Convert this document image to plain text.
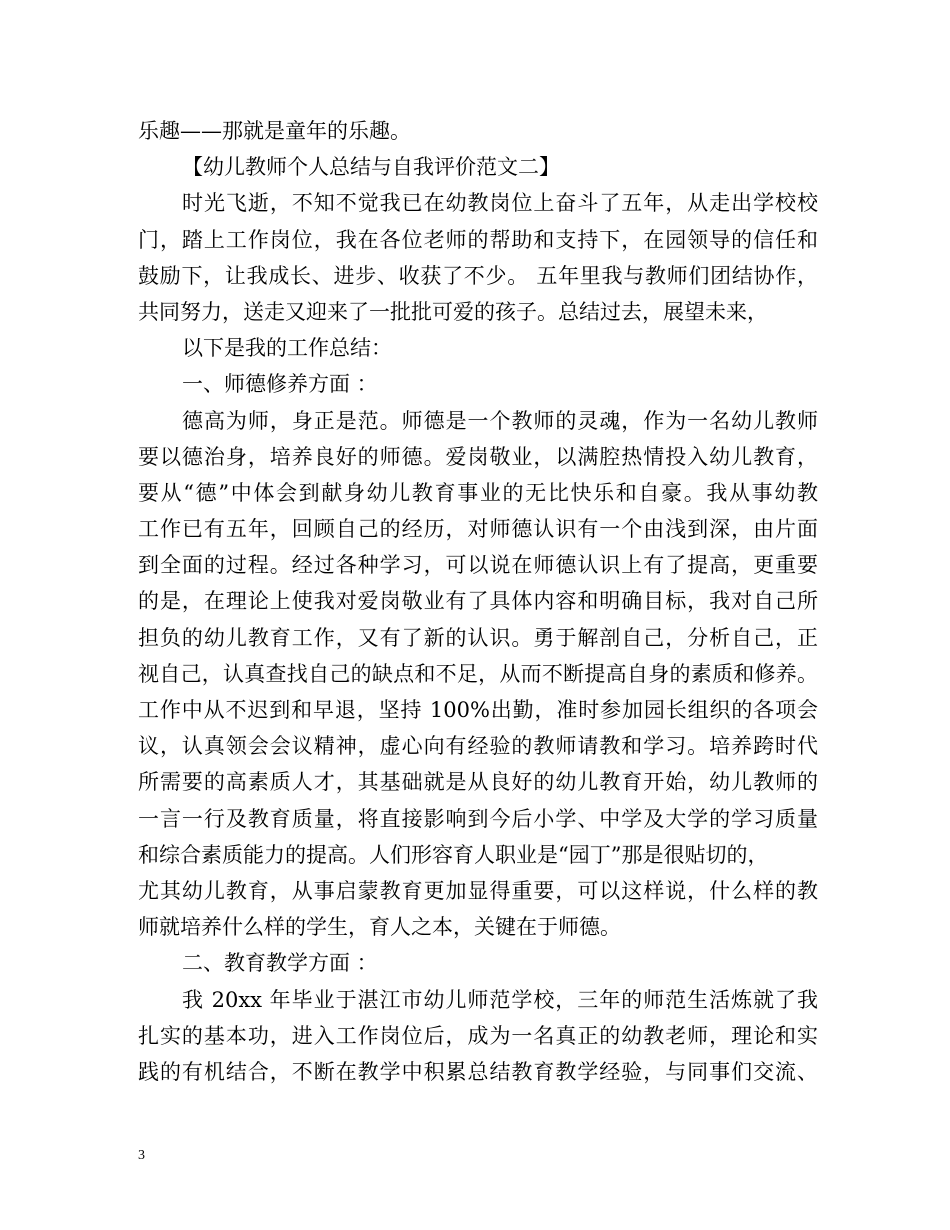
乐趣——那就是童年的乐趣。
【幼儿教师个人总结与自我评价范文二】
时光飞逝，不知不觉我已在幼教岗位上奋斗了五年，从走出学校校
门，踏上工作岗位，我在各位老师的帮助和支持下，在园领导的信任和
鼓励下，让我成长、进步、收获了不少。 五年里我与教师们团结协作，
共同努力，送走又迎来了一批批可爱的孩子。总结过去，展望未来，
以下是我的工作总结：
一、师德修养方面 ：
德高为师，身正是范。师德是一个教师的灵魂，作为一名幼儿教师
要以德治身，培养良好的师德。爱岗敬业，以满腔热情投入幼儿教育，
要从“德”中体会到献身幼儿教育事业的无比快乐和自豪。我从事幼教
工作已有五年，回顾自己的经历，对师德认识有一个由浅到深，由片面
到全面的过程。经过各种学习，可以说在师德认识上有了提高，更重要
的是，在理论上使我对爱岗敬业有了具体内容和明确目标，我对自己所
担负的幼儿教育工作，又有了新的认识。勇于解剖自己，分析自己，正
视自己，认真查找自己的缺点和不足，从而不断提高自身的素质和修养。
工作中从不迟到和早退，坚持 100%出勤，准时参加园长组织的各项会
议，认真领会会议精神，虚心向有经验的教师请教和学习。培养跨时代
所需要的高素质人才，其基础就是从良好的幼儿教育开始，幼儿教师的
一言一行及教育质量，将直接影响到今后小学、中学及大学的学习质量
和综合素质能力的提高。人们形容育人职业是“园丁”那是很贴切的，
尤其幼儿教育，从事启蒙教育更加显得重要，可以这样说，什么样的教
师就培养什么样的学生，育人之本，关键在于师德。
二、教育教学方面 ：
我 20xx 年毕业于湛江市幼儿师范学校，三年的师范生活炼就了我
扎实的基本功，进入工作岗位后，成为一名真正的幼教老师，理论和实
践的有机结合，不断在教学中积累总结教育教学经验，与同事们交流、
3
